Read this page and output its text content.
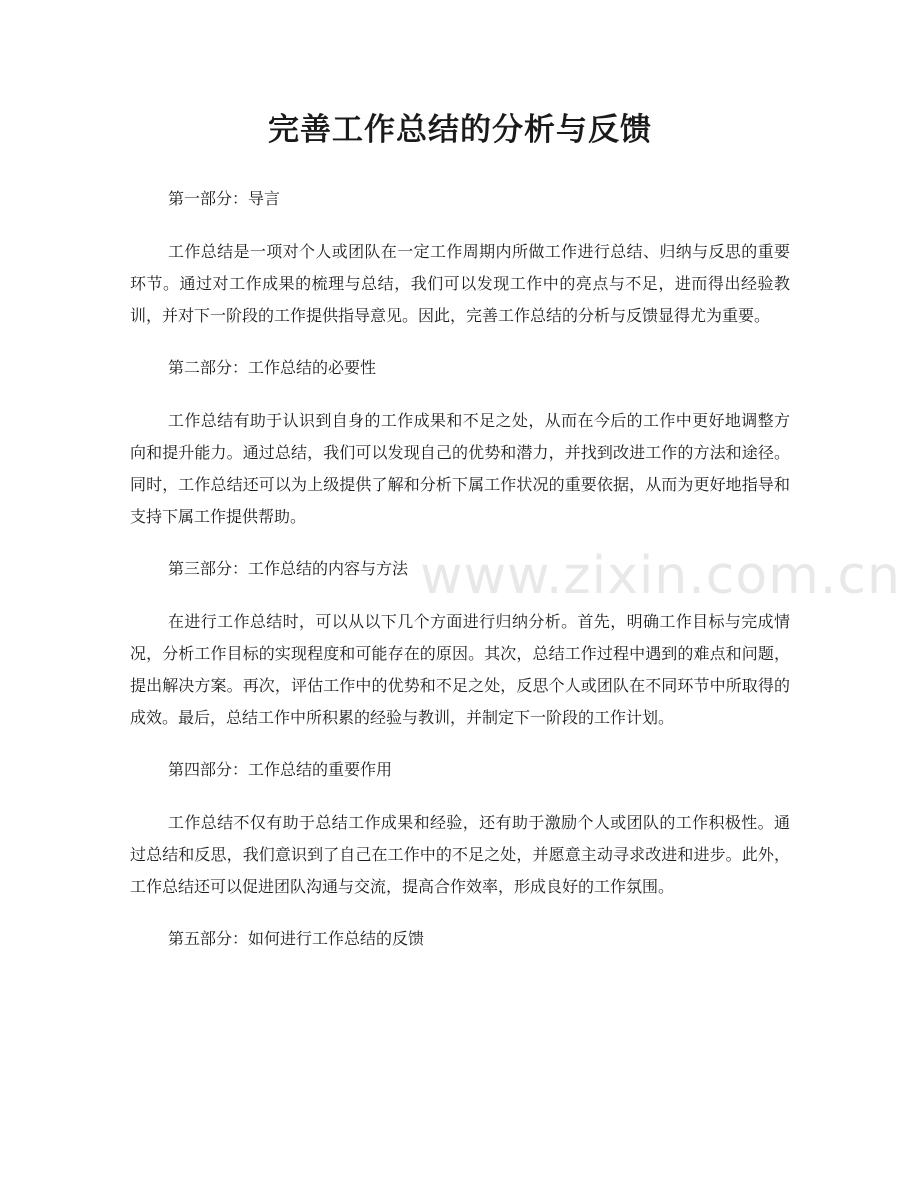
完善工作总结的分析与反馈

第一部分：导言

工作总结是一项对个人或团队在一定工作周期内所做工作进行总结、归纳与反思的重要环节。通过对工作成果的梳理与总结，我们可以发现工作中的亮点与不足，进而得出经验教训，并对下一阶段的工作提供指导意见。因此，完善工作总结的分析与反馈显得尤为重要。

第二部分：工作总结的必要性

工作总结有助于认识到自身的工作成果和不足之处，从而在今后的工作中更好地调整方向和提升能力。通过总结，我们可以发现自己的优势和潜力，并找到改进工作的方法和途径。同时，工作总结还可以为上级提供了解和分析下属工作状况的重要依据，从而为更好地指导和支持下属工作提供帮助。

第三部分：工作总结的内容与方法

在进行工作总结时，可以从以下几个方面进行归纳分析。首先，明确工作目标与完成情况，分析工作目标的实现程度和可能存在的原因。其次，总结工作过程中遇到的难点和问题，提出解决方案。再次，评估工作中的优势和不足之处，反思个人或团队在不同环节中所取得的成效。最后，总结工作中所积累的经验与教训，并制定下一阶段的工作计划。

第四部分：工作总结的重要作用

工作总结不仅有助于总结工作成果和经验，还有助于激励个人或团队的工作积极性。通过总结和反思，我们意识到了自己在工作中的不足之处，并愿意主动寻求改进和进步。此外，工作总结还可以促进团队沟通与交流，提高合作效率，形成良好的工作氛围。

第五部分：如何进行工作总结的反馈

www.zixin.com.cn
